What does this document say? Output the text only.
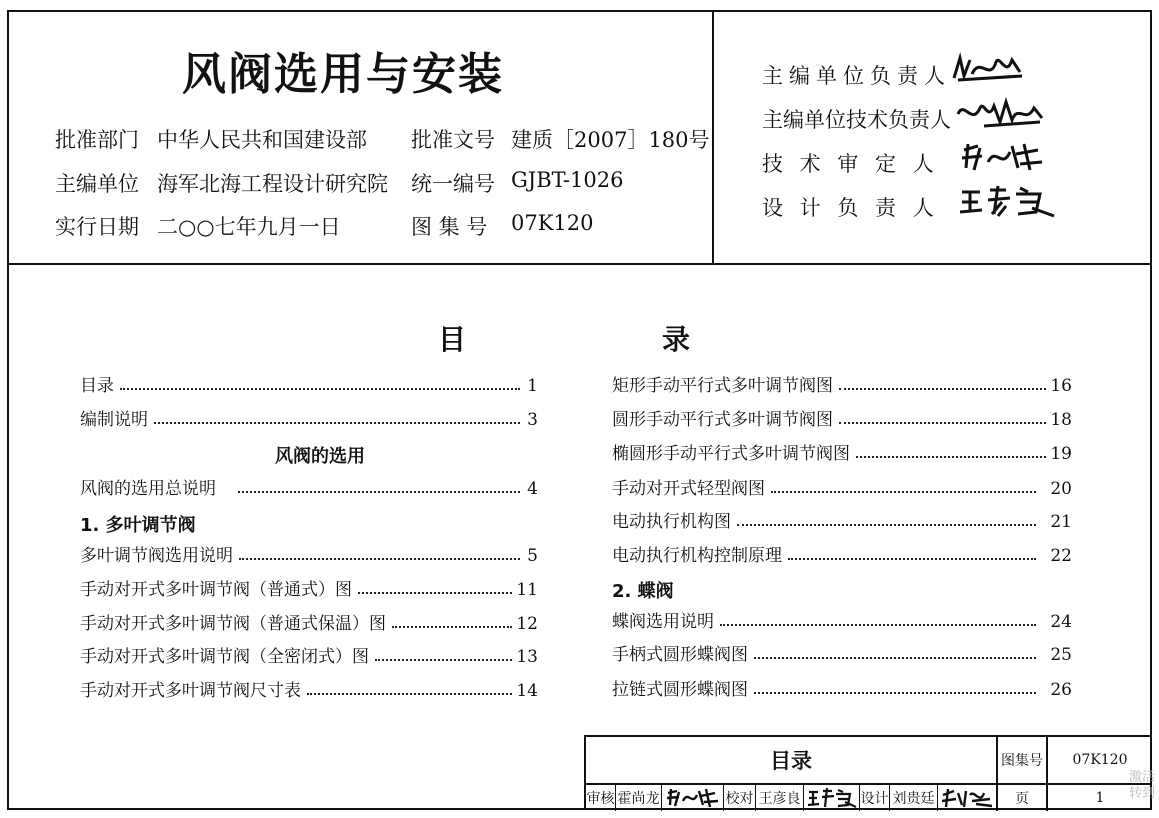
风阀选用与安装
批准部门 中华人民共和国建设部 批准文号 建质［2007］180号
主编单位 海军北海工程设计研究院 统一编号 GJBT-1026
实行日期 二○○七年九月一日	图 集 号 07K120
主编单位负责人
主编单位技术负责人
技 术 审 定 人
设 计 负 责 人
目	录
目录	1
编制说明	3
风阀的选用
风阀的选用总说明	4
1. 多叶调节阀
多叶调节阀选用说明	5
手动对开式多叶调节阀（普通式）图	11
手动对开式多叶调节阀（普通式保温）图	12
手动对开式多叶调节阀（全密闭式）图	13
手动对开式多叶调节阀尺寸表	14
矩形手动平行式多叶调节阀图	16
圆形手动平行式多叶调节阀图	18
椭圆形手动平行式多叶调节阀图	19
手动对开式轻型阀图	20
电动执行机构图	21
电动执行机构控制原理	22
2. 蝶阀
蝶阀选用说明	24
手柄式圆形蝶阀图	25
拉链式圆形蝶阀图	26
目录	图集号	07K120
审核 霍尚龙	校对 王彦良	设计 刘贵廷	页	1
激活 转到
